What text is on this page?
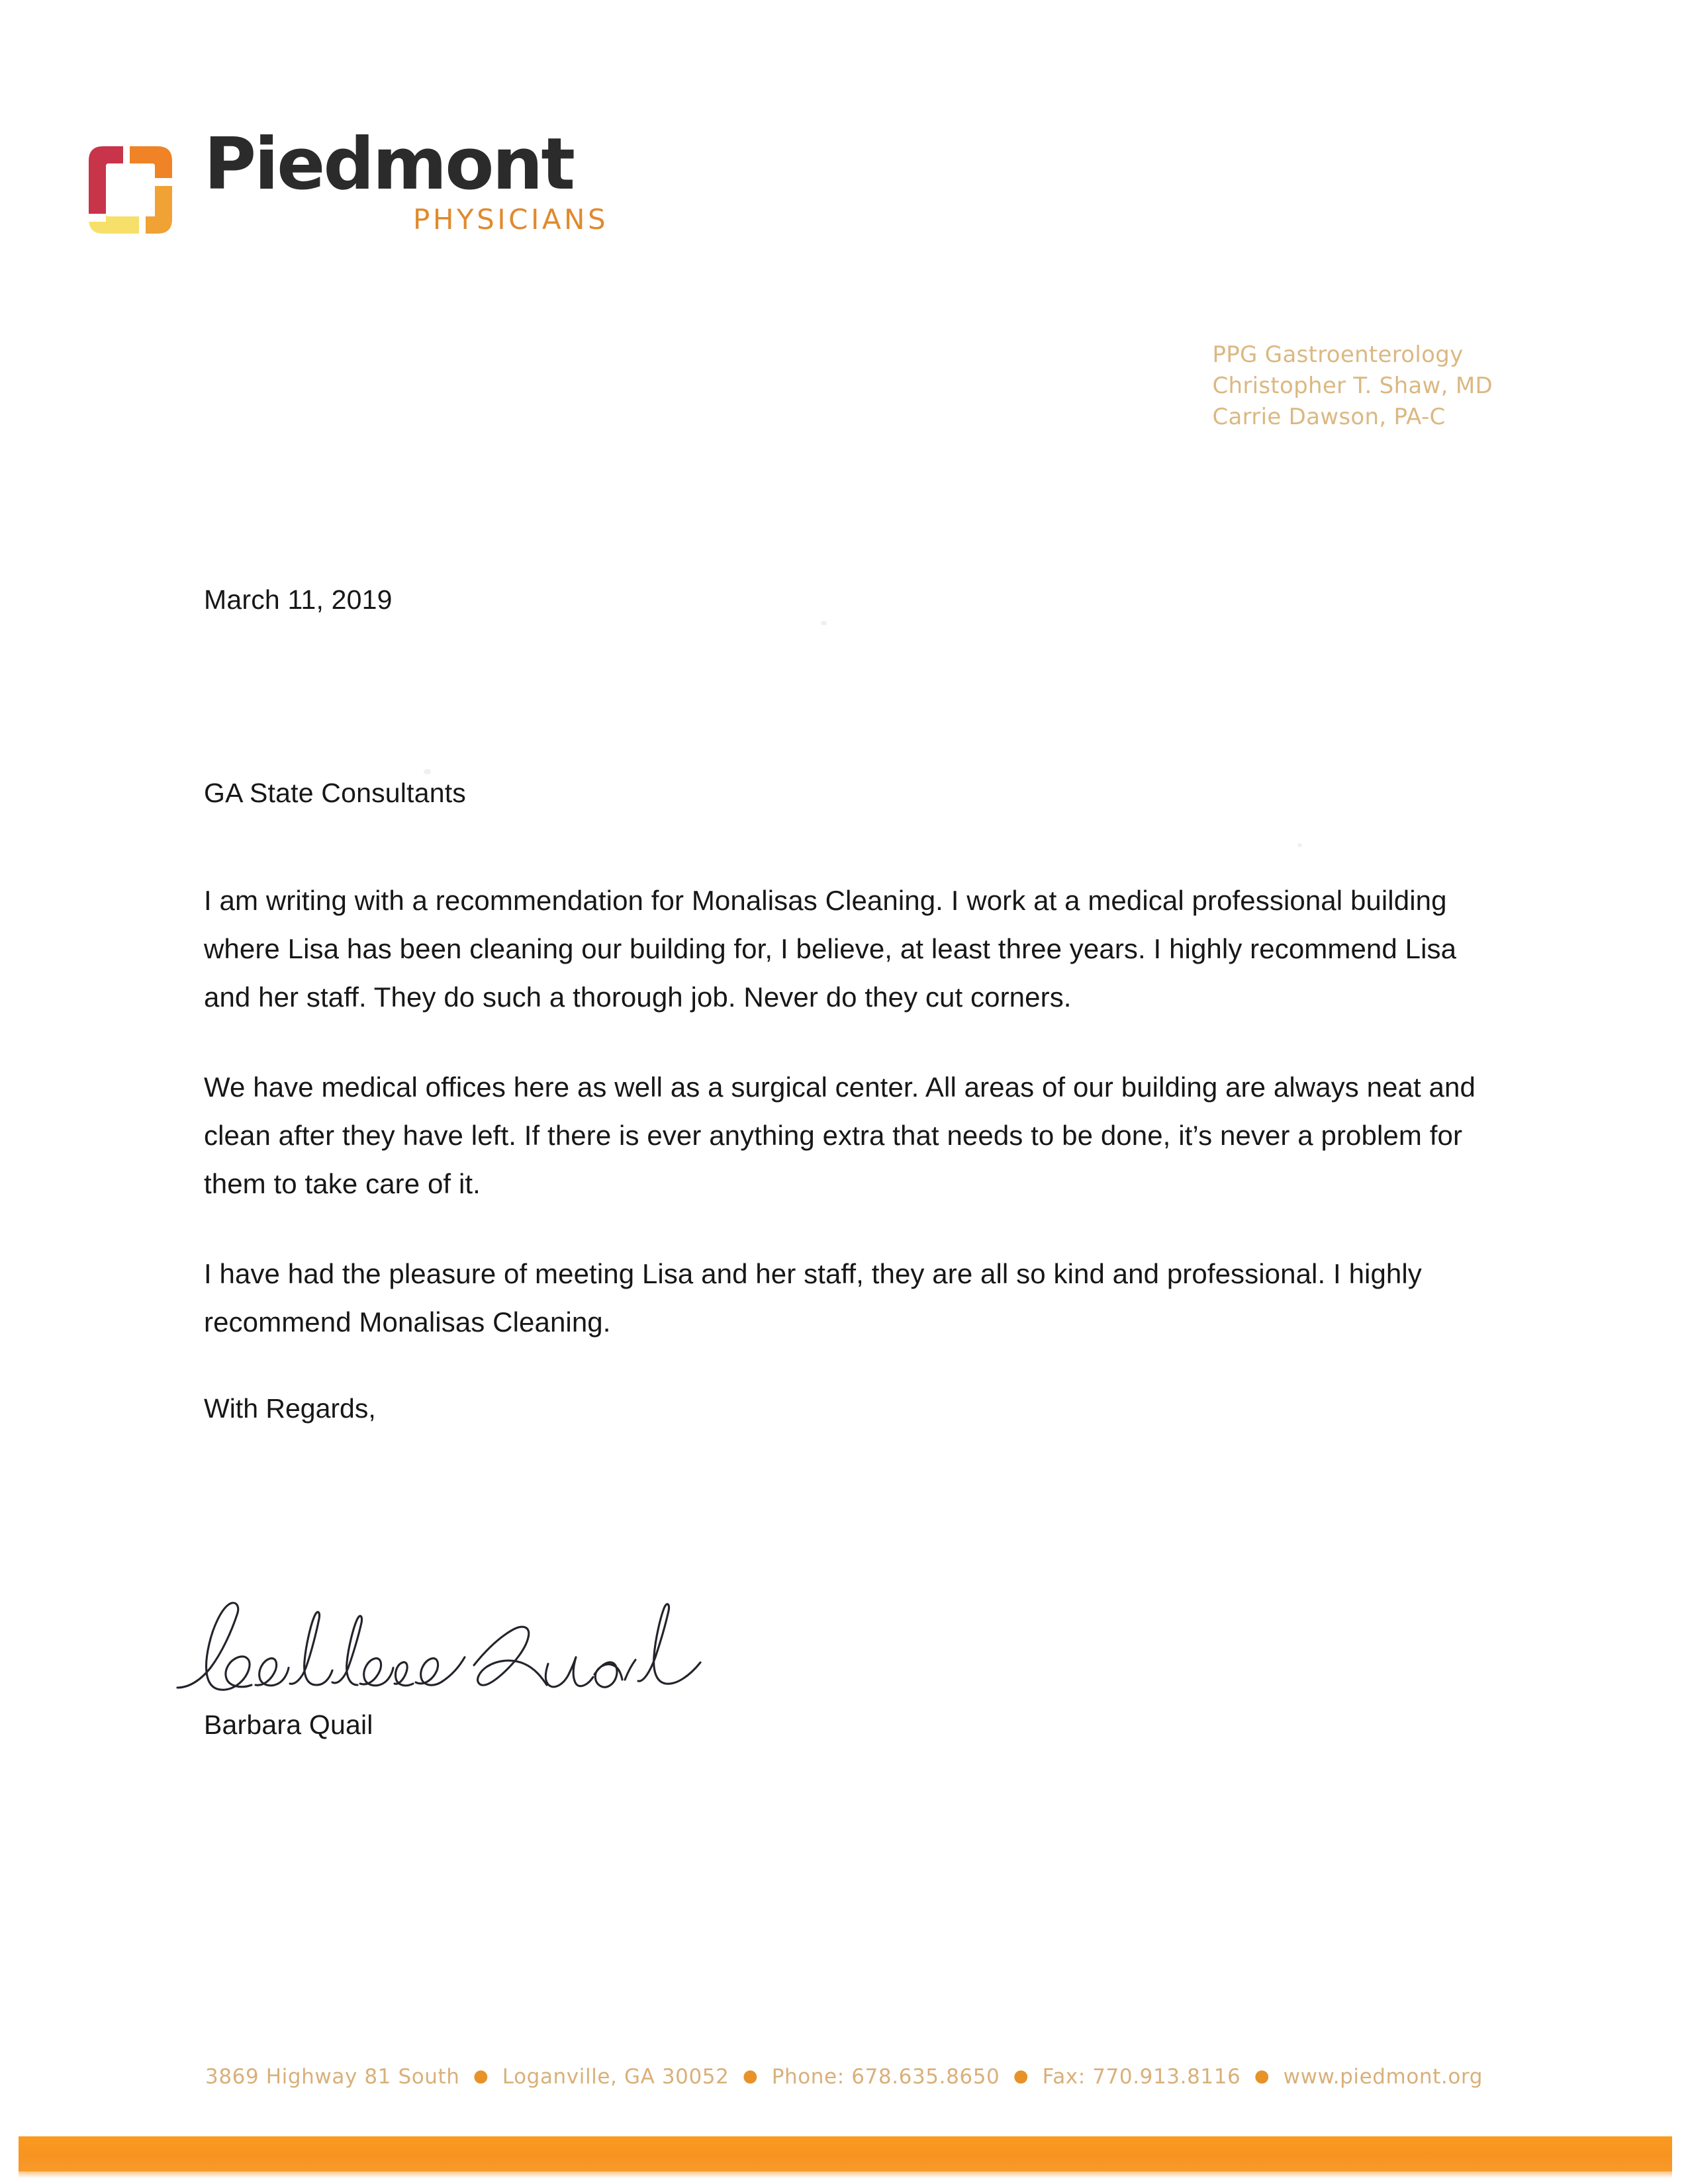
Piedmont
PHYSICIANS
PPG Gastroenterology
Christopher T. Shaw, MD
Carrie Dawson, PA-C
March 11, 2019
GA State Consultants
I am writing with a recommendation for Monalisas Cleaning. I work at a medical professional building where Lisa has been cleaning our building for, I believe, at least three years. I highly recommend Lisa and her staff. They do such a thorough job. Never do they cut corners.
We have medical offices here as well as a surgical center. All areas of our building are always neat and clean after they have left. If there is ever anything extra that needs to be done, it’s never a problem for them to take care of it.
I have had the pleasure of meeting Lisa and her staff, they are all so kind and professional. I highly recommend Monalisas Cleaning.
With Regards,
Barbara Quail
3869 Highway 81 South ● Loganville, GA 30052 ● Phone: 678.635.8650 ● Fax: 770.913.8116 ● www.piedmont.org
